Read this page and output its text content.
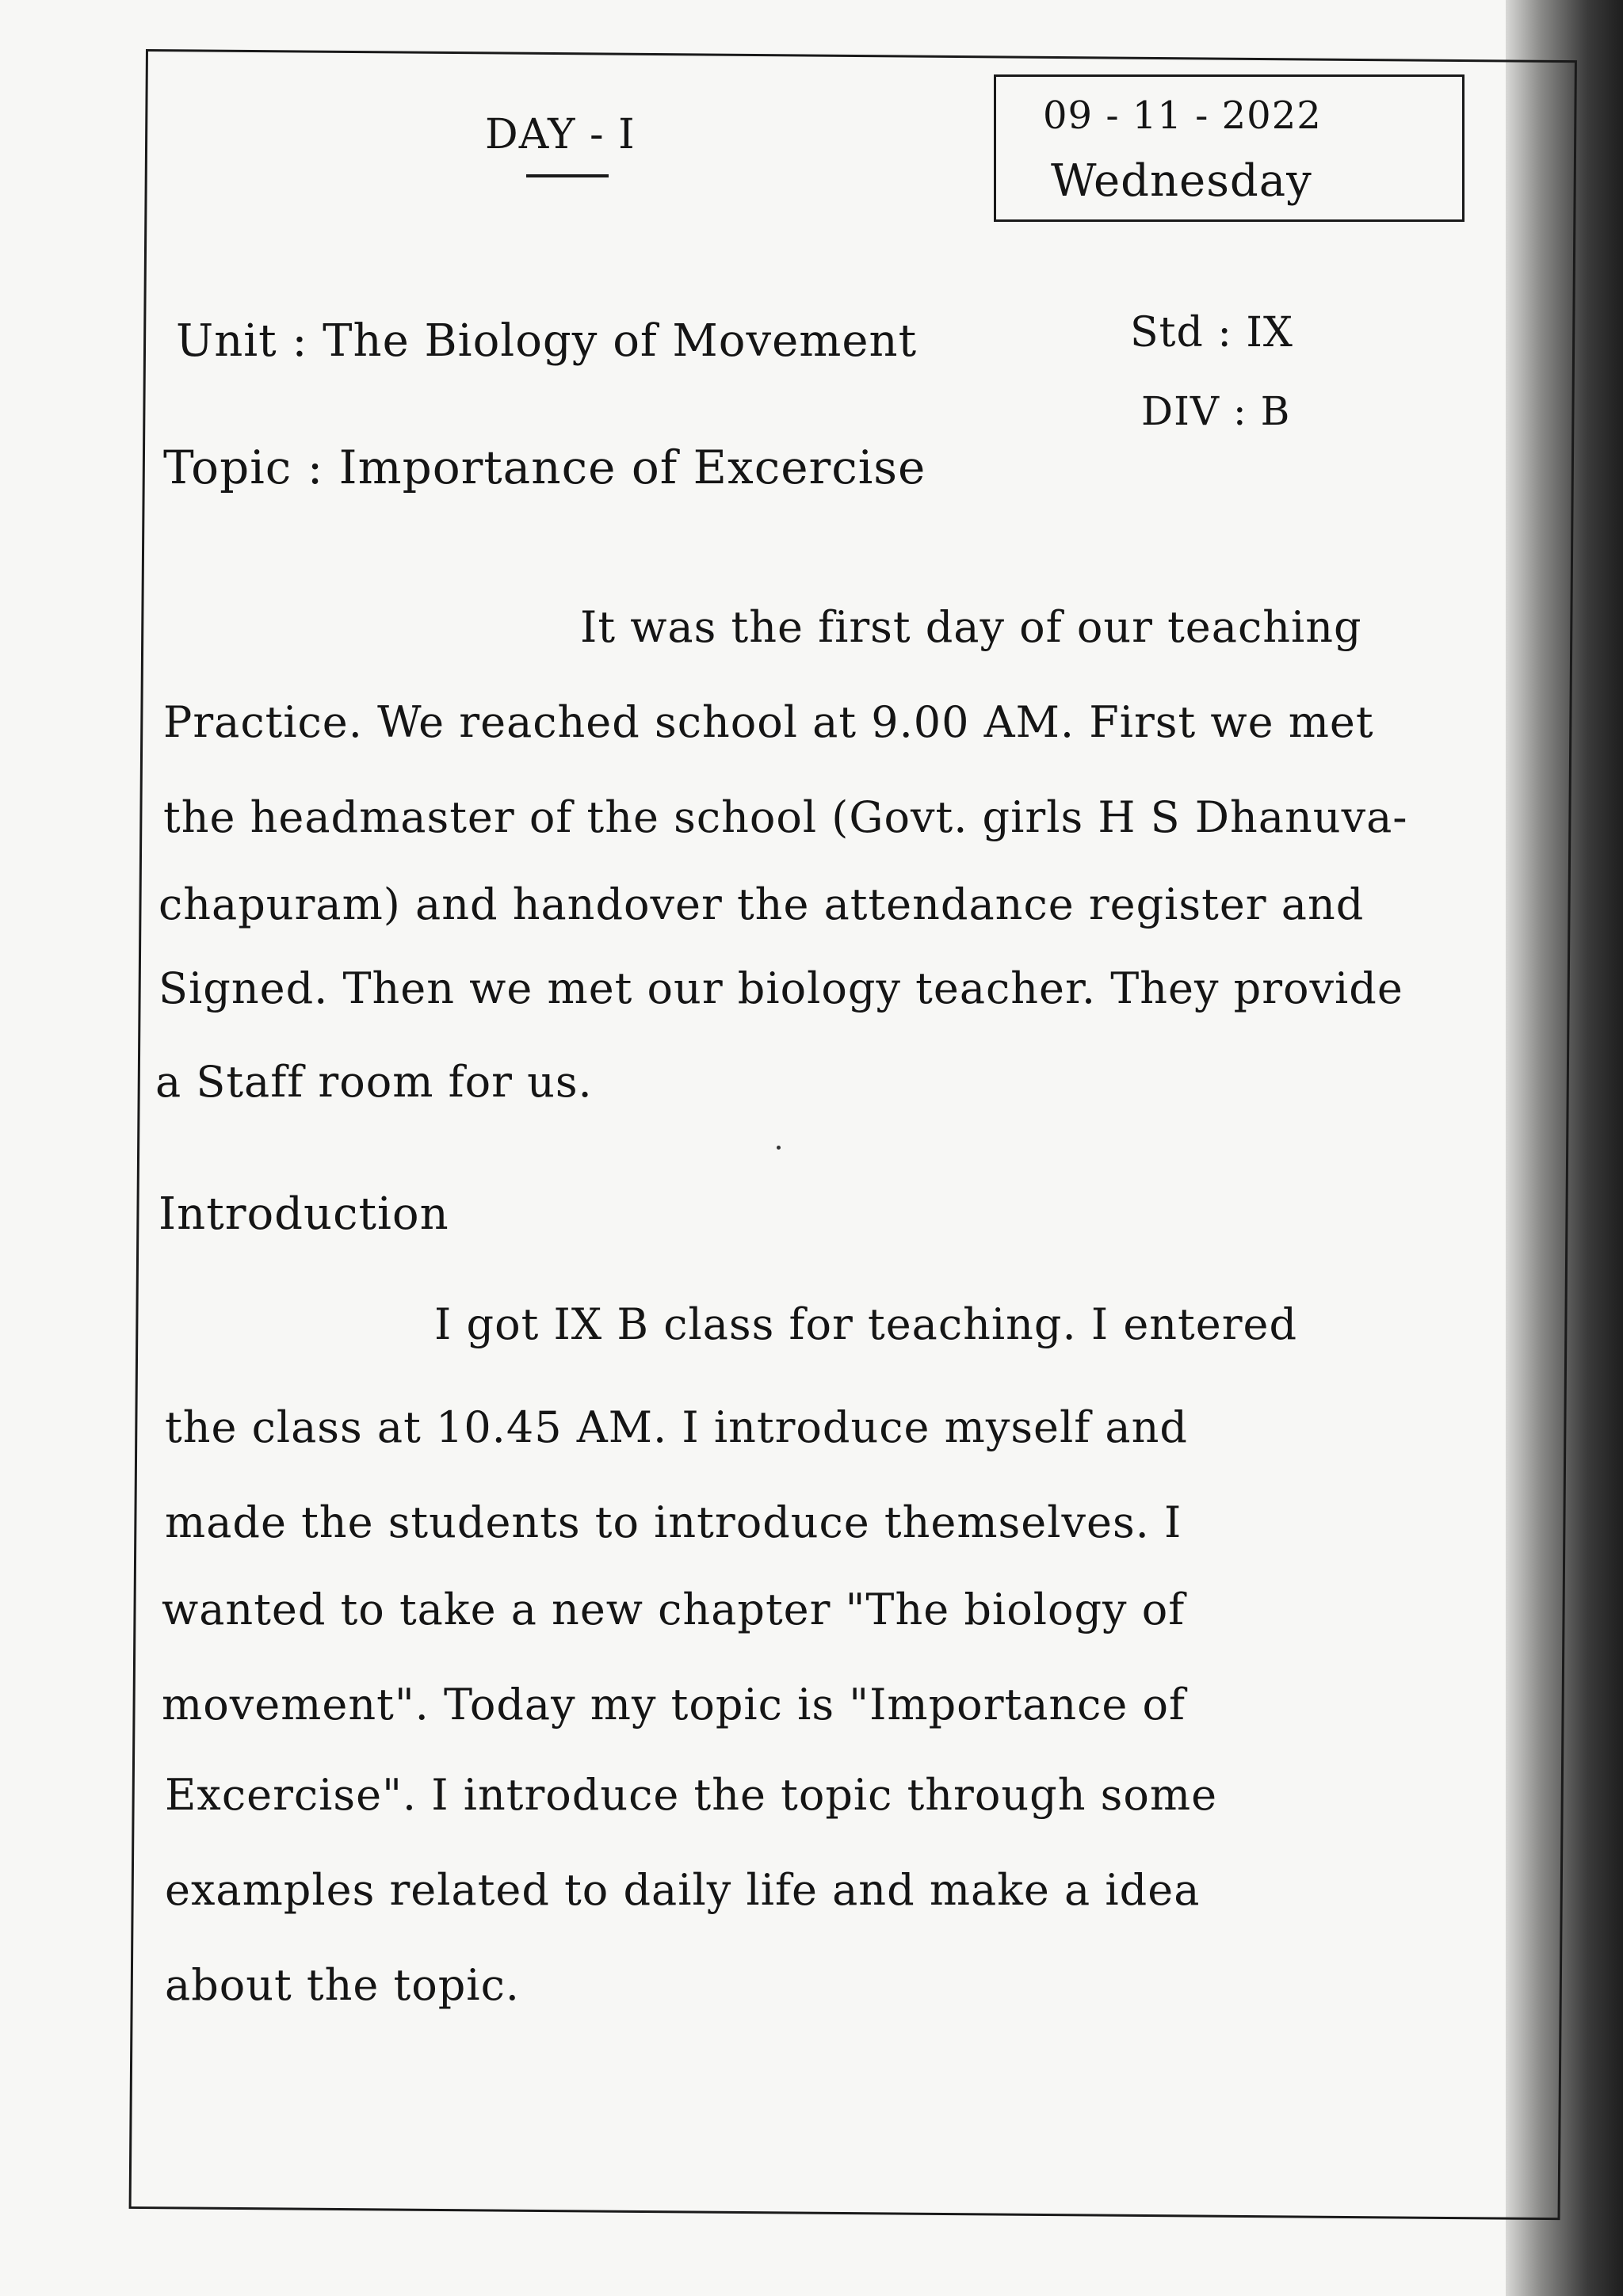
DAY - I	09 - 11 - 2022
Wednesday
Unit : The Biology of Movement	Std : IX
DIV : B
Topic : Importance of Excercise
It was the first day of our teaching
Practice. We reached school at 9.00 AM. First we met
the headmaster of the school (Govt. girls H S Dhanuva-
chapuram) and handover the attendance register and
Signed. Then we met our biology teacher. They provide
a Staff room for us.
Introduction
I got IX B class for teaching. I entered
the class at 10.45 AM. I introduce myself and
made the students to introduce themselves. I
wanted to take a new chapter "The biology of
movement". Today my topic is "Importance of
Excercise". I introduce the topic through some
examples related to daily life and make a idea
about the topic.
